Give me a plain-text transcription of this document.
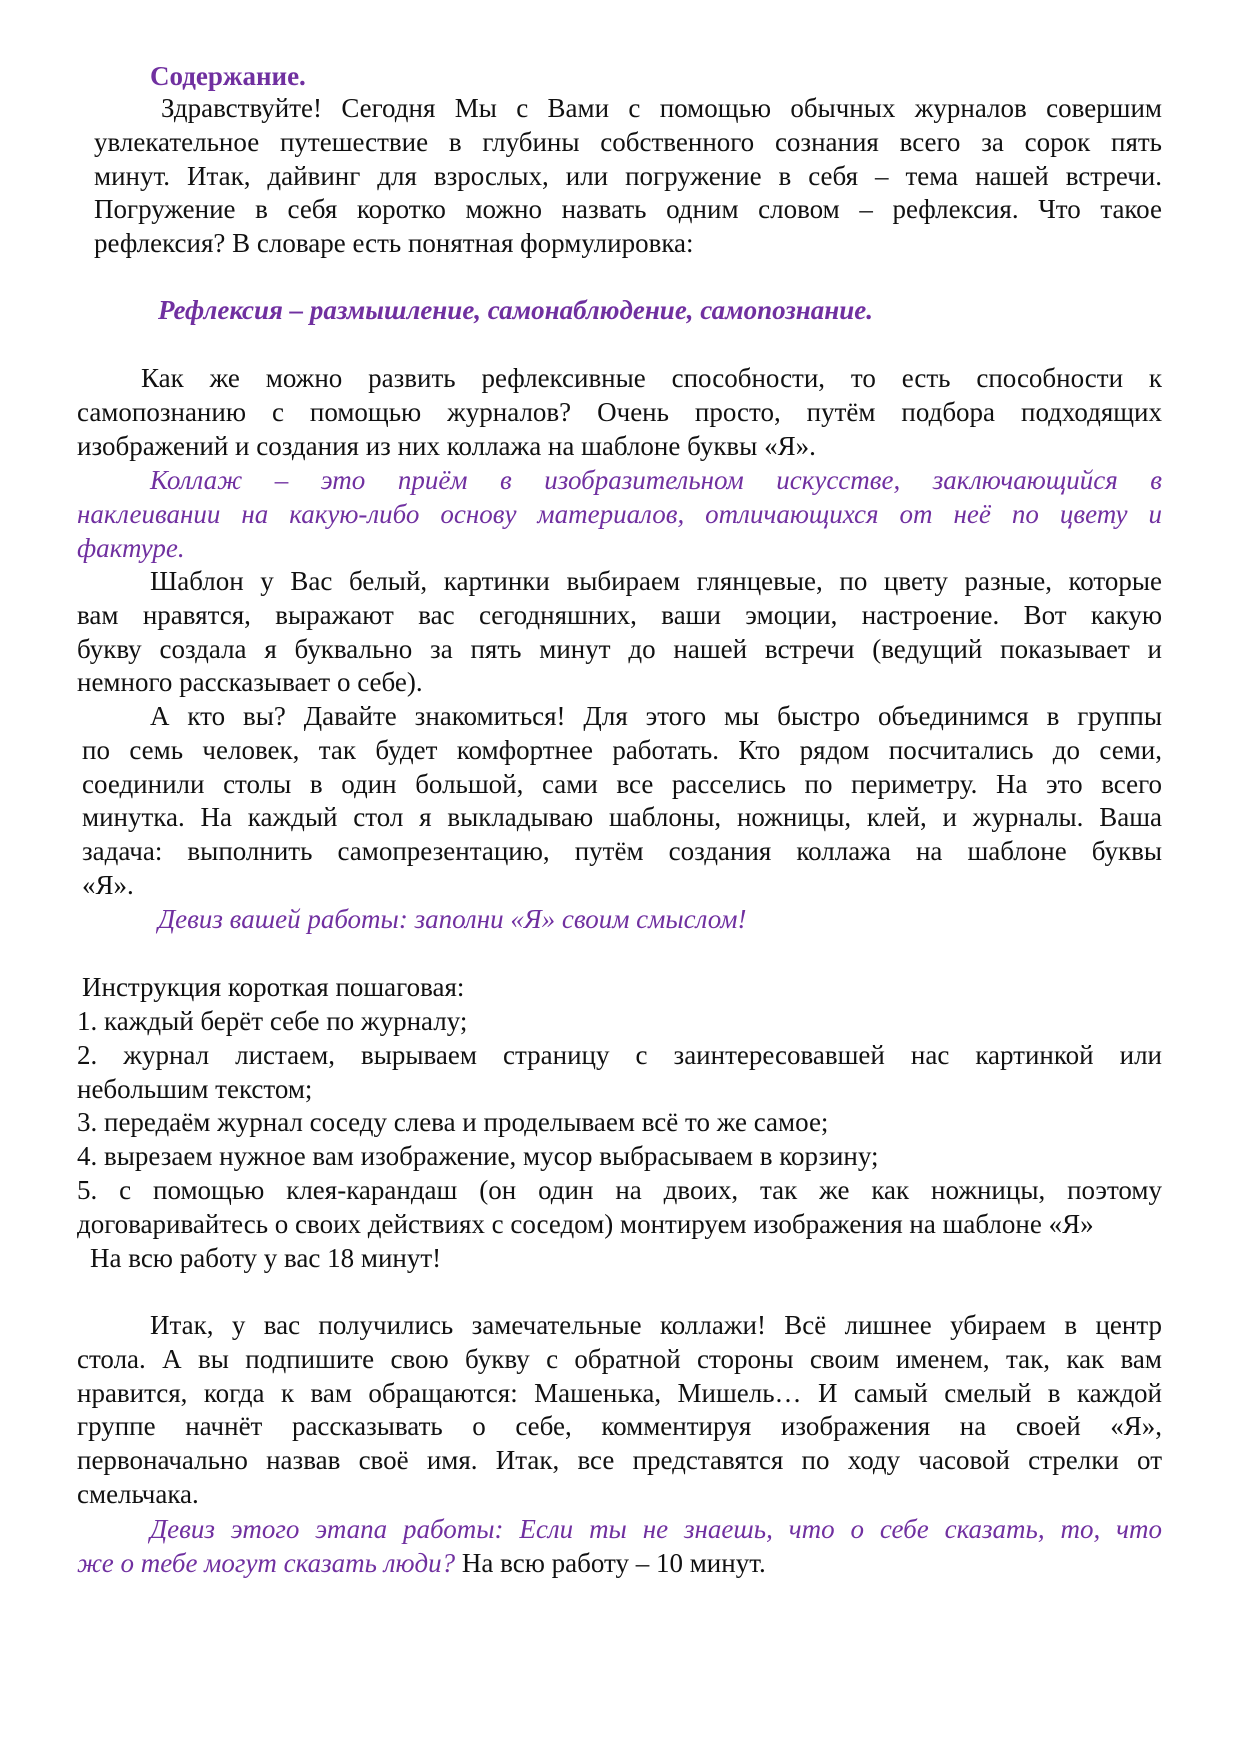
Содержание.
Здравствуйте! Сегодня Мы с Вами с помощью обычных журналов совершим
увлекательное путешествие в глубины собственного сознания всего за сорок пять
минут. Итак, дайвинг для взрослых, или погружение в себя – тема нашей встречи.
Погружение в себя коротко можно назвать одним словом – рефлексия. Что такое
рефлексия? В словаре есть понятная формулировка:
Рефлексия – размышление, самонаблюдение, самопознание.
Как же можно развить рефлексивные способности, то есть способности к
самопознанию с помощью журналов? Очень просто, путём подбора подходящих
изображений и создания из них коллажа на шаблоне буквы «Я».
Коллаж – это приём в изобразительном искусстве, заключающийся в
наклеивании на какую-либо основу материалов, отличающихся от неё по цвету и
фактуре.
Шаблон у Вас белый, картинки выбираем глянцевые, по цвету разные, которые
вам нравятся, выражают вас сегодняшних, ваши эмоции, настроение. Вот какую
букву создала я буквально за пять минут до нашей встречи (ведущий показывает и
немного рассказывает о себе).
А кто вы? Давайте знакомиться! Для этого мы быстро объединимся в группы
по семь человек, так будет комфортнее работать. Кто рядом посчитались до семи,
соединили столы в один большой, сами все расселись по периметру. На это всего
минутка. На каждый стол я выкладываю шаблоны, ножницы, клей, и журналы. Ваша
задача: выполнить самопрезентацию, путём создания коллажа на шаблоне буквы
«Я».
Девиз вашей работы: заполни «Я» своим смыслом!
Инструкция короткая пошаговая:
1. каждый берёт себе по журналу;
2. журнал листаем, вырываем страницу с заинтересовавшей нас картинкой или
небольшим текстом;
3. передаём журнал соседу слева и проделываем всё то же самое;
4. вырезаем нужное вам изображение, мусор выбрасываем в корзину;
5. с помощью клея-карандаш (он один на двоих, так же как ножницы, поэтому
договаривайтесь о своих действиях с соседом) монтируем изображения на шаблоне «Я»
На всю работу у вас 18 минут!
Итак, у вас получились замечательные коллажи! Всё лишнее убираем в центр
стола. А вы подпишите свою букву с обратной стороны своим именем, так, как вам
нравится, когда к вам обращаются: Машенька, Мишель… И самый смелый в каждой
группе начнёт рассказывать о себе, комментируя изображения на своей «Я»,
первоначально назвав своё имя. Итак, все представятся по ходу часовой стрелки от
смельчака.
Девиз этого этапа работы: Если ты не знаешь, что о себе сказать, то, что
же о тебе могут сказать люди? На всю работу – 10 минут.
